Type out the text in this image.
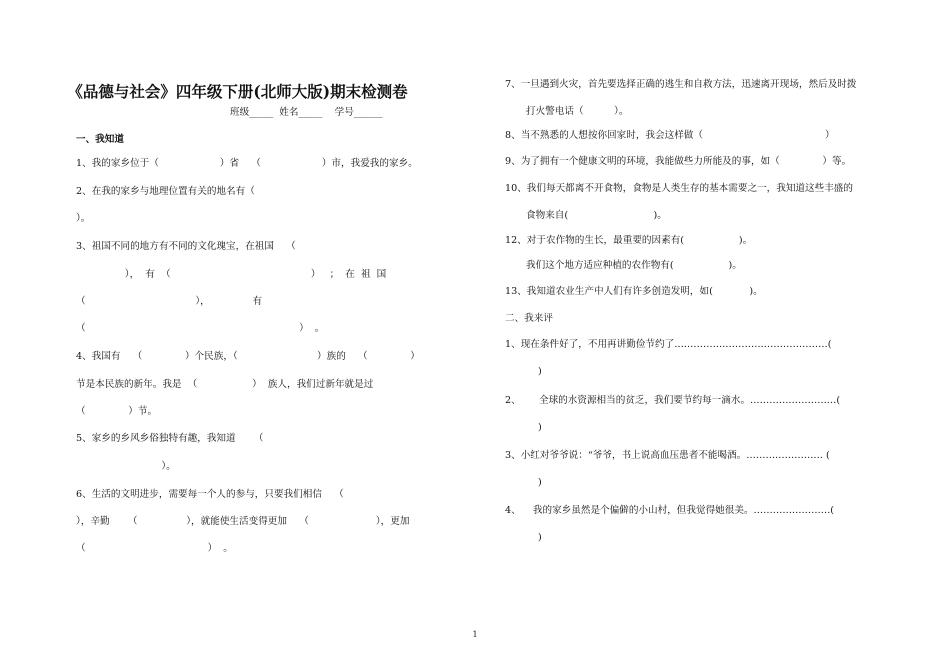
《品德与社会》四年级下册(北师大版)期末检测卷
班级_____  姓名_____    学号______
一、我知道
1、我的家乡位于（                    ）省    （                    ）市，我爱我的家乡。
2、在我的家乡与地理位置有关的地名有（
）。
3、祖国不同的地方有不同的文化瑰宝，在祖国    （
），  有  （                                              ）   ；  在  祖  国
（                                    ），              有
（                                                                      ）  。
4、我国有    （              ）个民族，（                          ）族的    （              ）
节是本民族的新年。我是  （                  ）  族人，我们过新年就是过
（              ）节。
5、家乡的乡风乡俗独特有趣，我知道      （
）。
6、生活的文明进步，需要每一个人的参与，只要我们相信    （
），辛勤      （                ），就能使生活变得更加    （                      ），更加
（                                        ）  。
7、一旦遇到火灾，首先要选择正确的逃生和自救方法，迅速离开现场，然后及时拨
打火警电话（          ）。
8、当不熟悉的人想按你回家时，我会这样做（                                        ）
9、为了拥有一个健康文明的环境，我能做些力所能及的事，如（              ）等。
10、我们每天都离不开食物，食物是人类生存的基本需要之一，我知道这些丰盛的
食物来自(                            )。
12、对于农作物的生长，最重要的因素有(                  )。
我们这个地方适应种植的农作物有(                  )。
13、我知道农业生产中人们有许多创造发明，如(            )。
二、我来评
1、现在条件好了，不用再讲勤俭节约了…………………………………………(
)
2、      全球的水资源相当的贫乏，我们要节约每一滴水。………………………(
)
3、小红对爷爷说：“爷爷，书上说高血压患者不能喝酒。…………………… (
)
4、    我的家乡虽然是个偏僻的小山村，但我觉得她很美。……………………(
)
1
